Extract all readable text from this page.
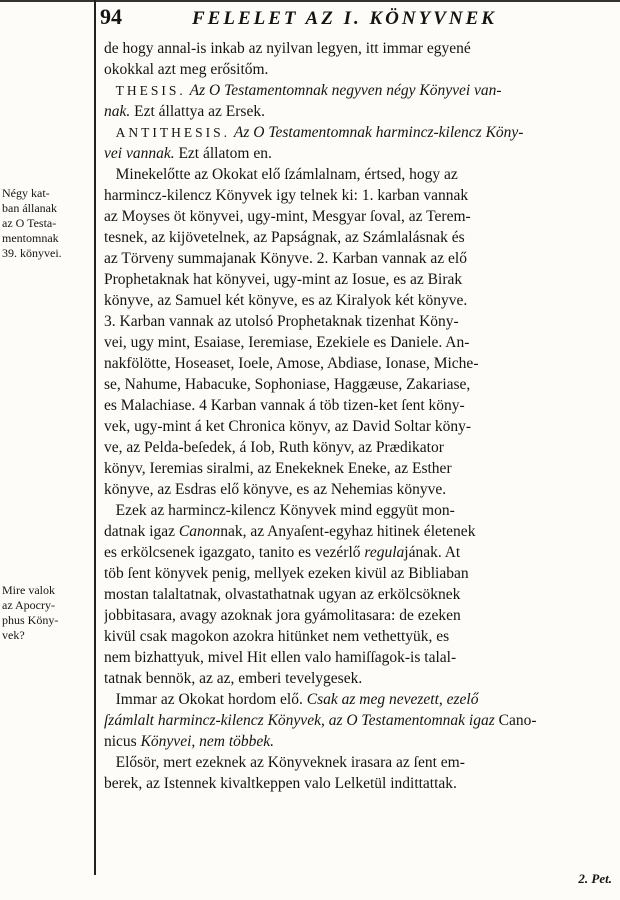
94	FELELET AZ I. KÖNYVNEK
Négy kat-
ban állanak
az O Testa-
mentomnak
39. könyvei.
Mire valok
az Apocry-
phus Köny-
vek?
de hogy annal-is inkab az nyilvan legyen, itt immar egyené
okokkal azt meg erősitőm.
THESIS. Az O Testamentomnak negyven négy Könyvei van-
nak. Ezt állattya az Ersek.
ANTITHESIS. Az O Testamentomnak harmincz-kilencz Köny-
vei vannak. Ezt állatom en.
Minekelőtte az Okokat elő ſzámlalnam, értsed, hogy az
harmincz-kilencz Könyvek igy telnek ki: 1. karban vannak
az Moyses öt könyvei, ugy-mint, Mesgyar ſoval, az Terem-
tesnek, az kijövetelnek, az Papságnak, az Számlalásnak és
az Törveny summajanak Könyve. 2. Karban vannak az elő
Prophetaknak hat könyvei, ugy-mint az Iosue, es az Birak
könyve, az Samuel két könyve, es az Kiralyok két könyve.
3. Karban vannak az utolsó Prophetaknak tizenhat Köny-
vei, ugy mint, Esaiase, Ieremiase, Ezekiele es Daniele. An-
nakfölötte, Hoseaset, Ioele, Amose, Abdiase, Ionase, Miche-
se, Nahume, Habacuke, Sophoniase, Haggæuse, Zakariase,
es Malachiase. 4 Karban vannak á töb tizen-ket ſent köny-
vek, ugy-mint á ket Chronica könyv, az David Soltar köny-
ve, az Pelda-beſedek, á Iob, Ruth könyv, az Prædikator
könyv, Ieremias siralmi, az Enekeknek Eneke, az Esther
könyve, az Esdras elő könyve, es az Nehemias könyve.
Ezek az harmincz-kilencz Könyvek mind eggyüt mon-
datnak igaz Canonnak, az Anyaſent-egyhaz hitinek életenek
es erkölcsenek igazgato, tanito es vezérlő regulajának. At
töb ſent könyvek penig, mellyek ezeken kivül az Bibliaban
mostan talaltatnak, olvastathatnak ugyan az erkölcsöknek
jobbitasara, avagy azoknak jora gyámolitasara: de ezeken
kivül csak magokon azokra hitünket nem vethettyük, es
nem bizhattyuk, mivel Hit ellen valo hamiſſagok-is talal-
tatnak bennök, az az, emberi tevelygesek.
Immar az Okokat hordom elő. Csak az meg nevezett, ezelő
ſzámlalt harmincz-kilencz Könyvek, az O Testamentomnak igaz Cano-
nicus Könyvei, nem többek.
Elősör, mert ezeknek az Könyveknek irasara az ſent em-
berek, az Istennek kivaltkeppen valo Lelketül indittattak.
2. Pet.
